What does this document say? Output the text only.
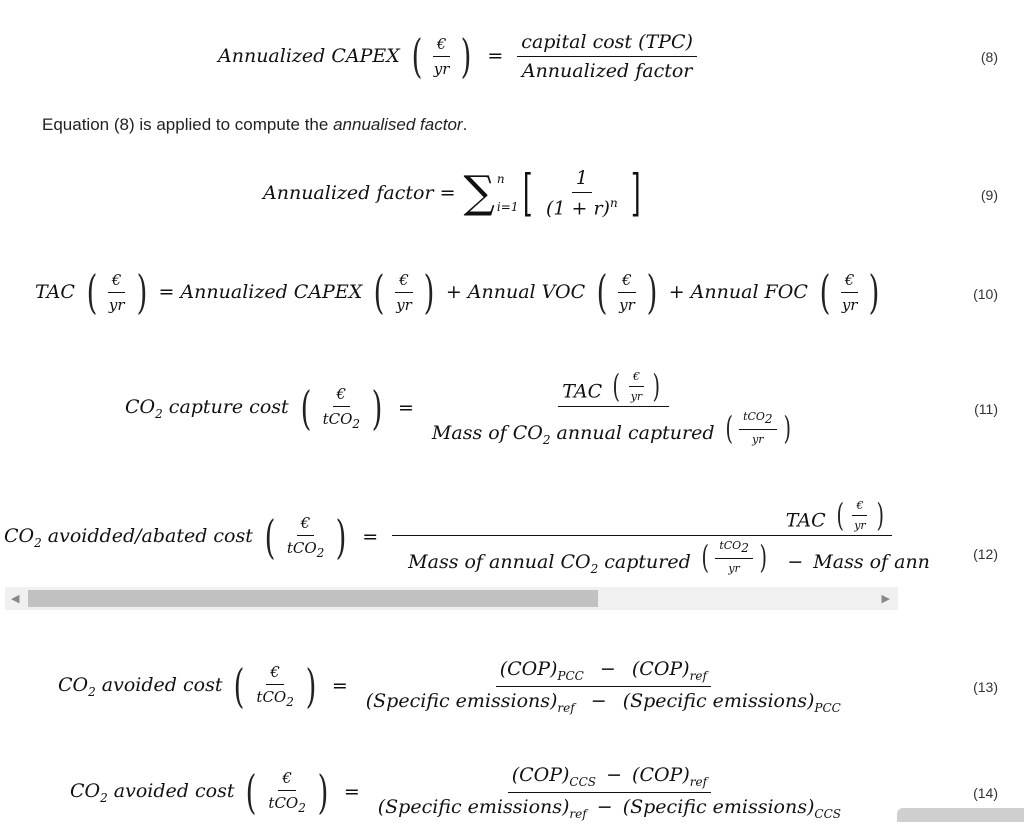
Annualized CAPEX ( $\frac{€}{yr}$ ) = $\frac{\text{capital cost (TPC)}}{\text{Annualized factor}}$	(8)
Equation (8) is applied to compute the annualised factor.
Annualized factor = ∑ n
i=1 [ $\frac{1}{(1 + r)^n}$ ]	(9)
TAC ( $\frac{€}{yr}$ ) = Annualized CAPEX ( $\frac{€}{yr}$ ) + Annual VOC ( $\frac{€}{yr}$ ) + Annual FOC ( $\frac{€}{yr}$ )	(10)
$CO_2$ capture cost ( $\frac{€}{tCO_2}$ ) = $\frac{TAC ( \frac{€}{yr} )}{Mass of CO_2 annual captured ( \frac{tCO_2}{yr} )}$	(11)
$CO_2$ avoidded/abated cost ( $\frac{€}{tCO_2}$ ) = $\frac{TAC ( \frac{€}{yr} )}{Mass of annual CO_2 captured ( \frac{tCO_2}{yr} ) - Mass of ann}$	(12)
◀	▶
$CO_2$ avoided cost ( $\frac{€}{tCO_2}$ ) = $\frac{(COP)_{PCC} - (COP)_{ref}}{(Specific emissions)_{ref} - (Specific emissions)_{PCC}}$	(13)
$CO_2$ avoided cost ( $\frac{€}{tCO_2}$ ) = $\frac{(COP)_{CCS} - (COP)_{ref}}{(Specific emissions)_{ref} - (Specific emissions)_{CCS}}$	(14)
